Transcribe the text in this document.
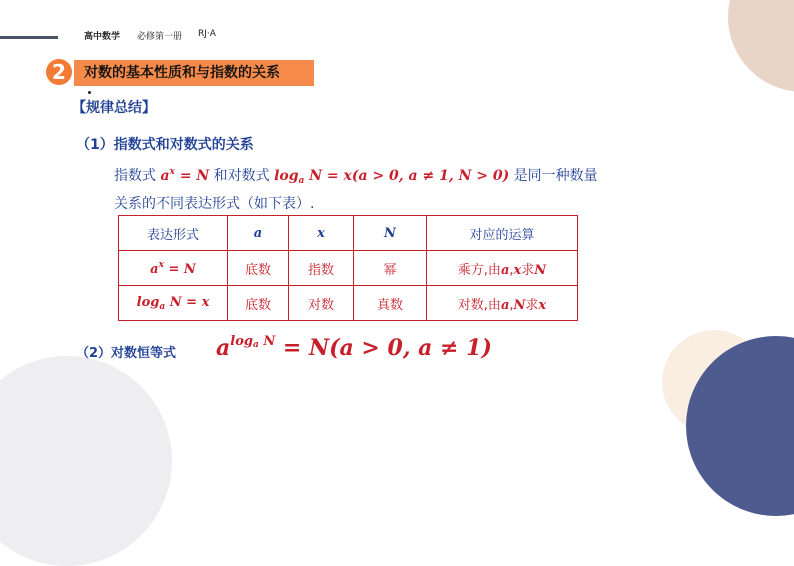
高中数学 必修第一册 RJ·A
2	对数的基本性质和与指数的关系
【规律总结】
（1）指数式和对数式的关系
指数式 $a^x = N$ 和对数式 $\log_a N = x(a > 0$, a ≠ 1, N > 0) 是同一种数量
关系的不同表达形式（如下表）.
表达形式	a	x	N	对应的运算
$a^x = N$	底数	指数	幂	乘方,由a,x求N
$\log_a N = x$	底数	对数	真数	对数,由a,N求x
（2）对数恒等式 $a^{loga N} = N(a > 0$, a ≠ 1)
